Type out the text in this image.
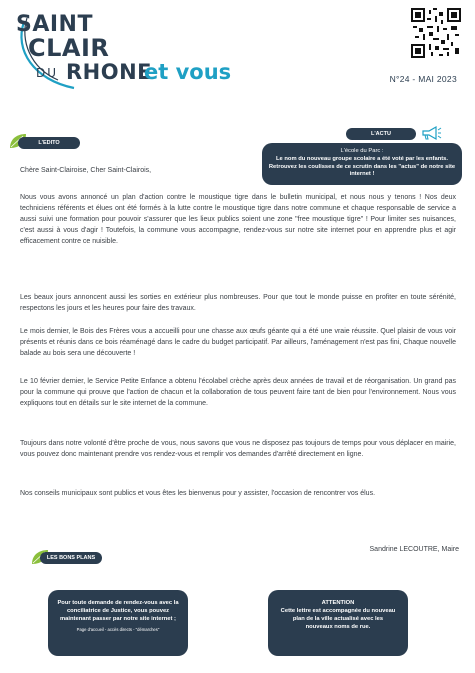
SAINT
CLAIR
DU RHONE
et vous	N°24 - MAI 2023
L'ACTU
L'école du Parc :
Le nom du nouveau groupe scolaire a été voté par les enfants. Retrouvez les coulisses de ce scrutin dans les "actus" de notre site internet !
L'EDITO
Chère Saint-Clairoise, Cher Saint-Clairois,
Nous vous avons annoncé un plan d'action contre le moustique tigre dans le bulletin municipal, et nous nous y tenons ! Nos deux techniciens référents et élues ont été formés à la lutte contre le moustique tigre dans notre commune et chaque responsable de service a aussi suivi une formation pour pouvoir s'assurer que les lieux publics soient une zone "free moustique tigre" ! Pour limiter ses nuisances, c'est aussi à vous d'agir ! Toutefois, la commune vous accompagne, rendez-vous sur notre site internet pour en apprendre plus et agir efficacement contre ce nuisible.
Les beaux jours annoncent aussi les sorties en extérieur plus nombreuses. Pour que tout le monde puisse en profiter en toute sérénité, respectons les jours et les heures pour faire des travaux.
Le mois dernier, le Bois des Frères vous a accueilli pour une chasse aux œufs géante qui a été une vraie réussite. Quel plaisir de vous voir présents et réunis dans ce bois réaménagé dans le cadre du budget participatif. Par ailleurs, l'aménagement n'est pas fini, Chaque nouvelle balade au bois sera une découverte !
Le 10 février dernier, le Service Petite Enfance a obtenu l'écolabel crèche après deux années de travail et de réorganisation. Un grand pas pour la commune qui prouve que l'action de chacun et la collaboration de tous peuvent faire tant de bien pour l'environnement. Nous vous expliquons tout en détails sur le site internet de la commune.
Toujours dans notre volonté d'être proche de vous, nous savons que vous ne disposez pas toujours de temps pour vous déplacer en mairie, vous pouvez donc maintenant prendre vos rendez-vous et remplir vos demandes d'arrêté directement en ligne.
Nos conseils municipaux sont publics et vous êtes les bienvenus pour y assister, l'occasion de rencontrer vos élus.
LES BONS PLANS
Sandrine LECOUTRE, Maire
Pour toute demande de rendez-vous avec la conciliatrice de Justice, vous pouvez maintenant passer par notre site internet ;
Page d'accueil - accès directs - "démarches"
ATTENTION
Cette lettre est accompagnée du nouveau plan de la ville actualisé avec les nouveaux noms de rue.
